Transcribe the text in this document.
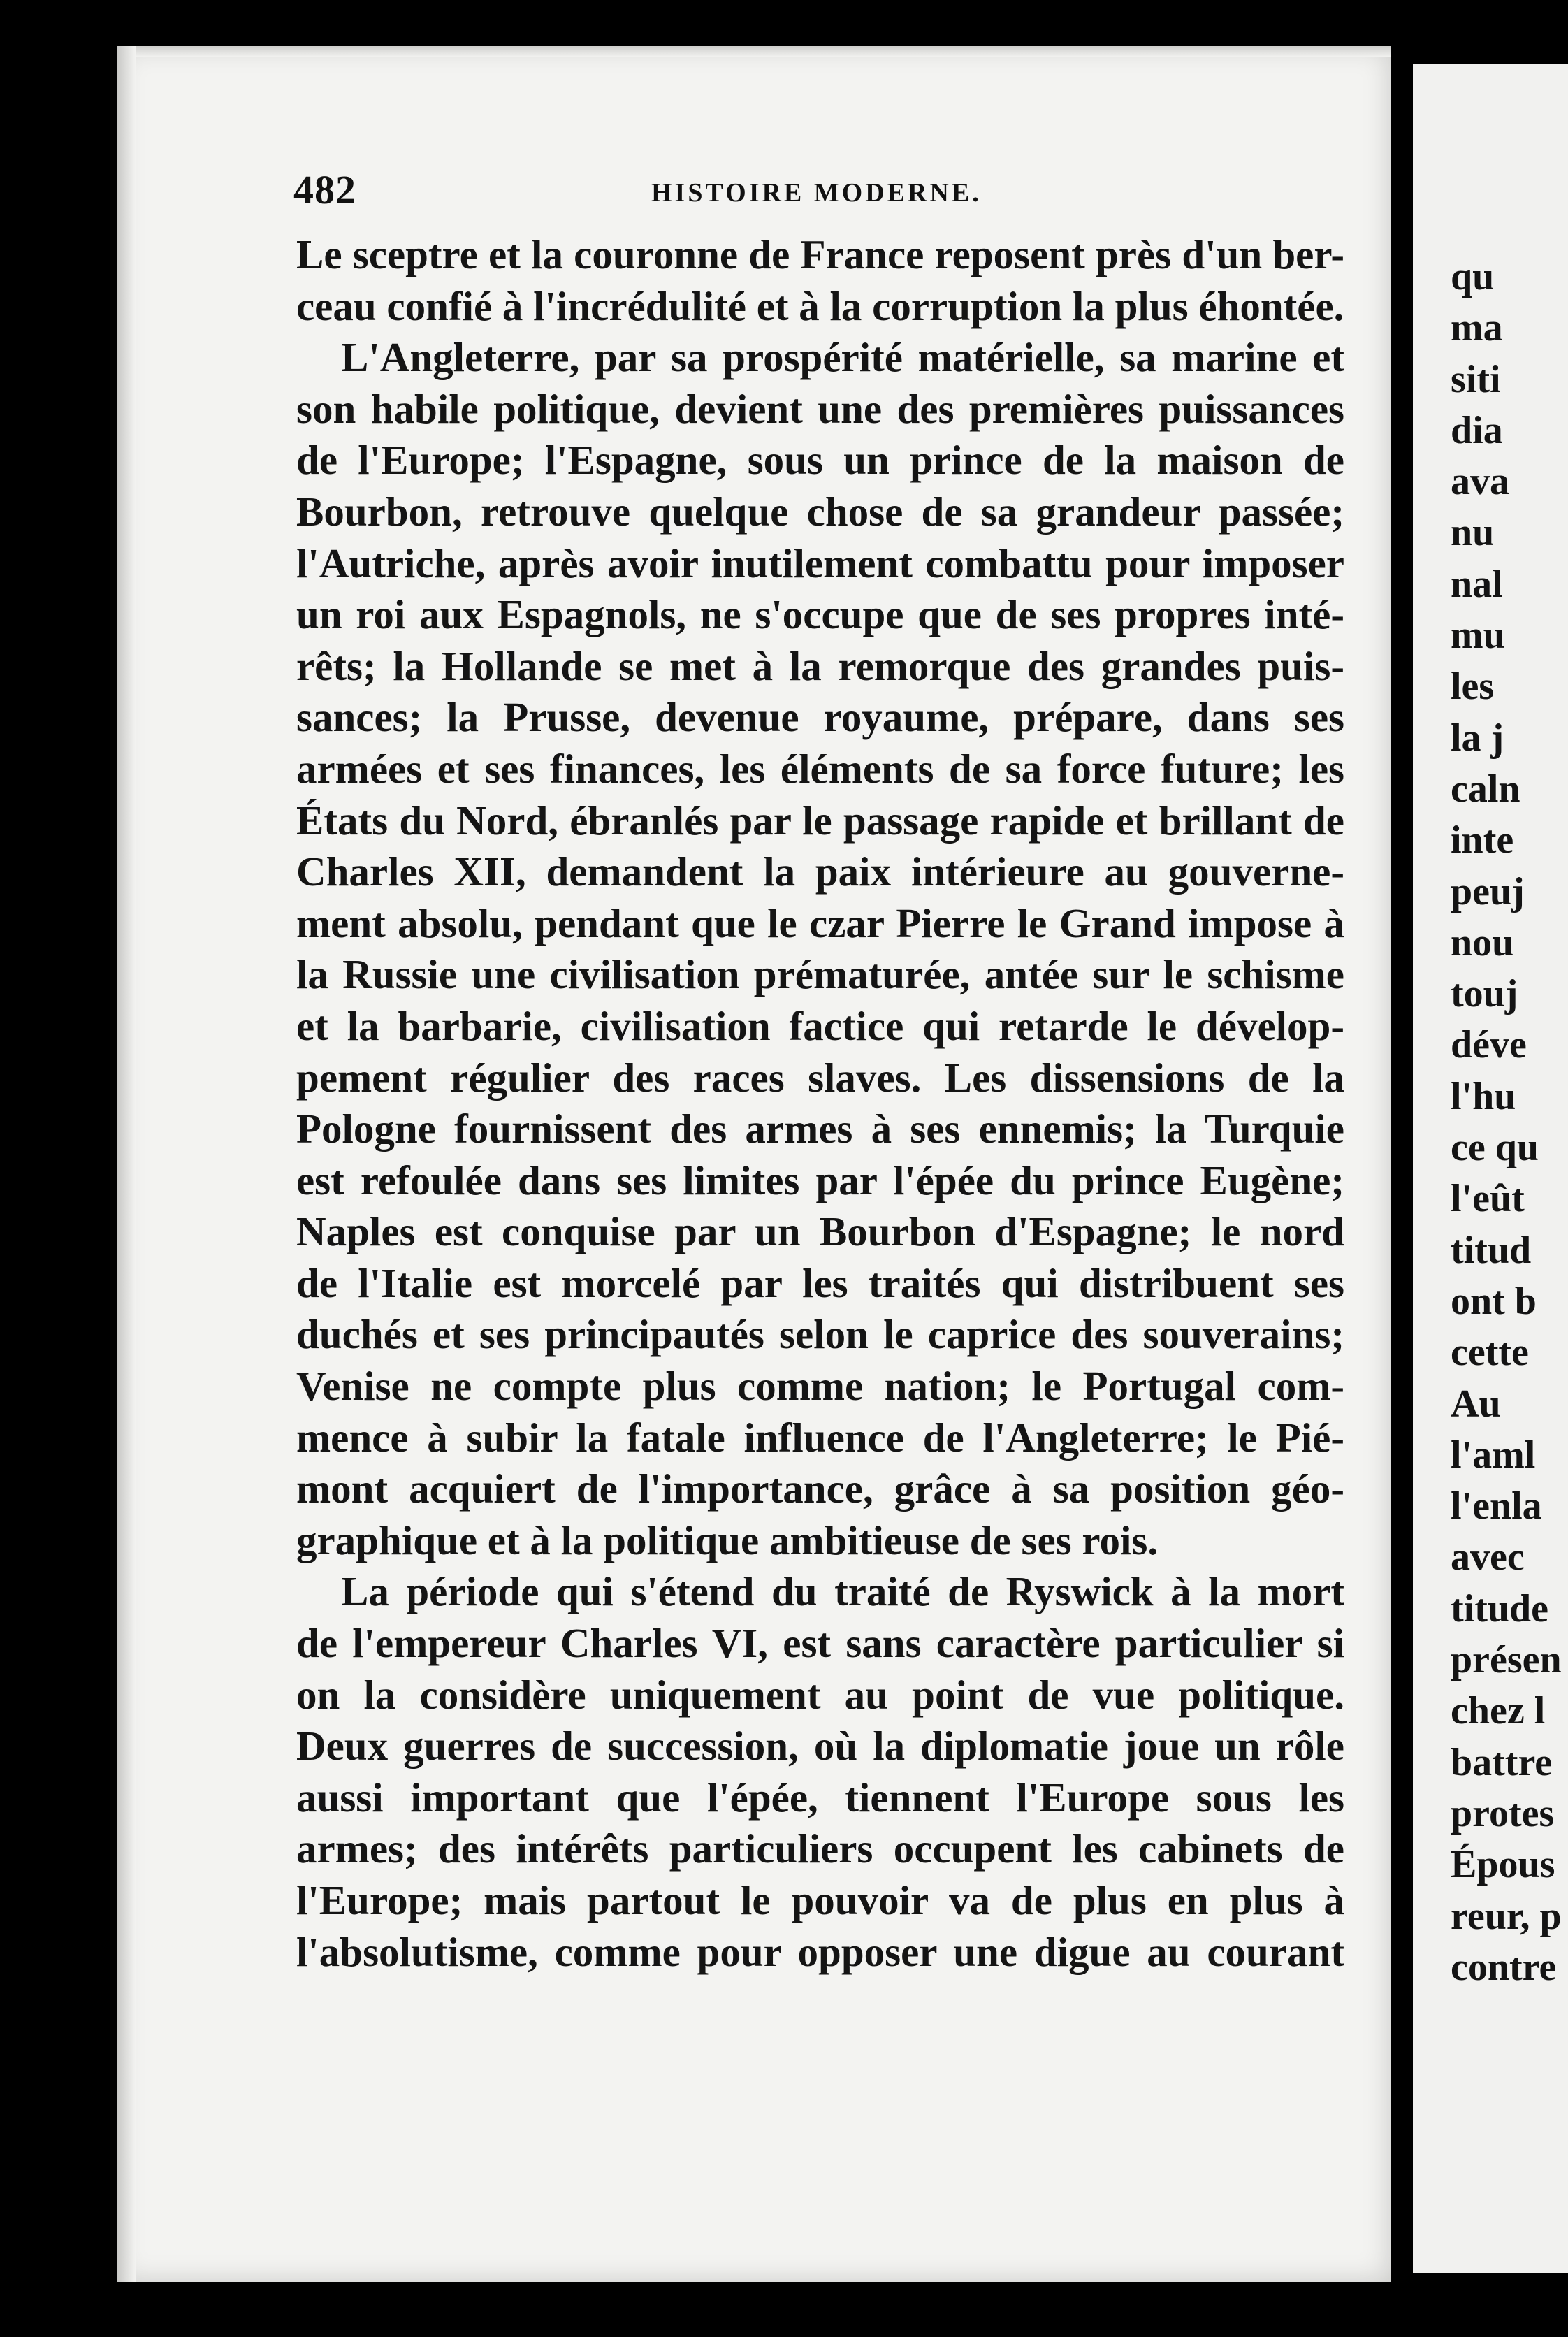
482	HISTOIRE MODERNE.
Le sceptre et la couronne de France reposent près d'un ber-
ceau confié à l'incrédulité et à la corruption la plus éhontée.
L'Angleterre, par sa prospérité matérielle, sa marine et
son habile politique, devient une des premières puissances
de l'Europe; l'Espagne, sous un prince de la maison de
Bourbon, retrouve quelque chose de sa grandeur passée;
l'Autriche, après avoir inutilement combattu pour imposer
un roi aux Espagnols, ne s'occupe que de ses propres inté-
rêts; la Hollande se met à la remorque des grandes puis-
sances; la Prusse, devenue royaume, prépare, dans ses
armées et ses finances, les éléments de sa force future; les
États du Nord, ébranlés par le passage rapide et brillant de
Charles XII, demandent la paix intérieure au gouverne-
ment absolu, pendant que le czar Pierre le Grand impose à
la Russie une civilisation prématurée, antée sur le schisme
et la barbarie, civilisation factice qui retarde le dévelop-
pement régulier des races slaves. Les dissensions de la
Pologne fournissent des armes à ses ennemis; la Turquie
est refoulée dans ses limites par l'épée du prince Eugène;
Naples est conquise par un Bourbon d'Espagne; le nord
de l'Italie est morcelé par les traités qui distribuent ses
duchés et ses principautés selon le caprice des souverains;
Venise ne compte plus comme nation; le Portugal com-
mence à subir la fatale influence de l'Angleterre; le Pié-
mont acquiert de l'importance, grâce à sa position géo-
graphique et à la politique ambitieuse de ses rois.
La période qui s'étend du traité de Ryswick à la mort
de l'empereur Charles VI, est sans caractère particulier si
on la considère uniquement au point de vue politique.
Deux guerres de succession, où la diplomatie joue un rôle
aussi important que l'épée, tiennent l'Europe sous les
armes; des intérêts particuliers occupent les cabinets de
l'Europe; mais partout le pouvoir va de plus en plus à
l'absolutisme, comme pour opposer une digue au courant
qu
ma
siti
dia
ava
nu
nal
mu
les
la j
caln
inte
peuj
nou
touj
déve
l'hu
ce qu
l'eût
titud
ont b
cette
Au
l'aml
l'enla
avec
titude
présen
chez l
battre
protes
Épous
reur, p
contre
